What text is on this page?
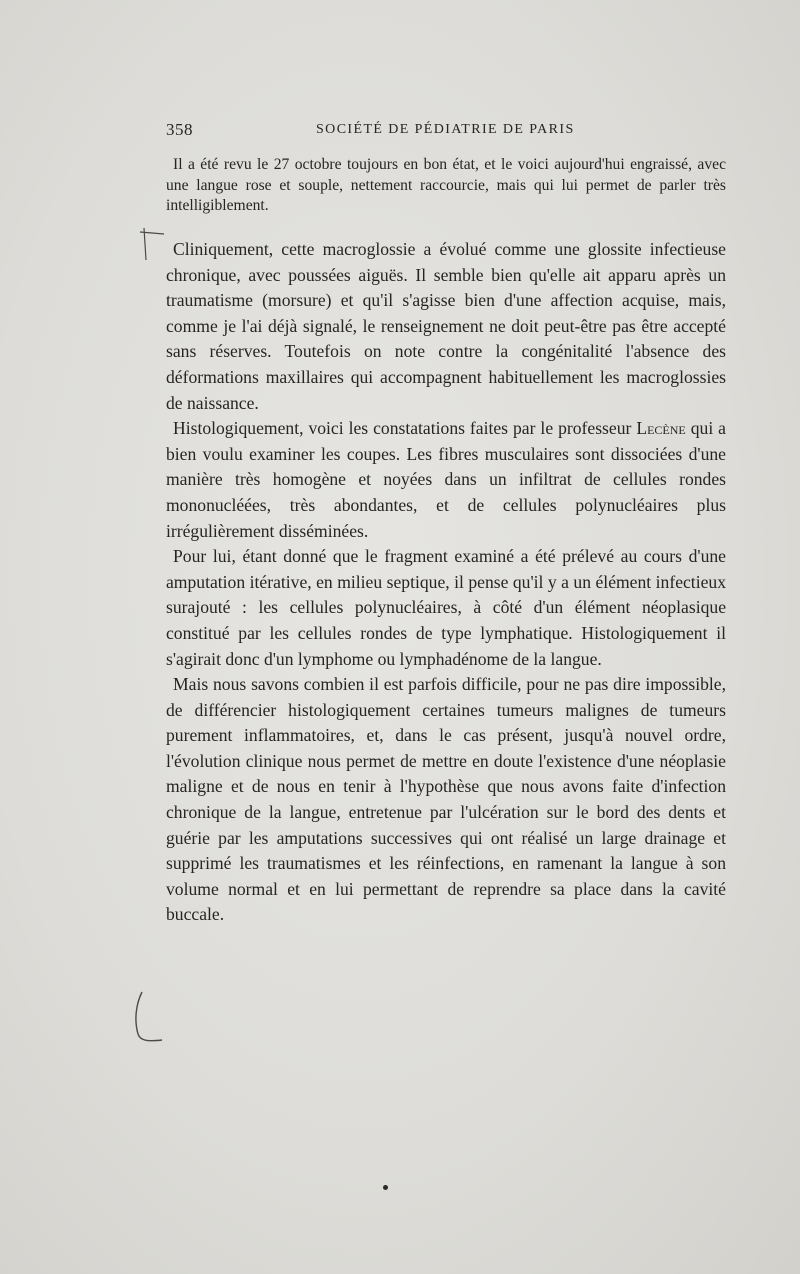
358	SOCIÉTÉ DE PÉDIATRIE DE PARIS

Il a été revu le 27 octobre toujours en bon état, et le voici aujourd'hui engraissé, avec une langue rose et souple, nettement raccourcie, mais qui lui permet de parler très intelligiblement.

Cliniquement, cette macroglossie a évolué comme une glossite infectieuse chronique, avec poussées aiguës. Il semble bien qu'elle ait apparu après un traumatisme (morsure) et qu'il s'agisse bien d'une affection acquise, mais, comme je l'ai déjà signalé, le renseignement ne doit peut-être pas être accepté sans réserves. Toutefois on note contre la congénitalité l'absence des déformations maxillaires qui accompagnent habituellement les macroglossies de naissance.

Histologiquement, voici les constatations faites par le professeur Lecène qui a bien voulu examiner les coupes. Les fibres musculaires sont dissociées d'une manière très homogène et noyées dans un infiltrat de cellules rondes mononucléées, très abondantes, et de cellules polynucléaires plus irrégulièrement disséminées.

Pour lui, étant donné que le fragment examiné a été prélevé au cours d'une amputation itérative, en milieu septique, il pense qu'il y a un élément infectieux surajouté : les cellules polynucléaires, à côté d'un élément néoplasique constitué par les cellules rondes de type lymphatique. Histologiquement il s'agirait donc d'un lymphome ou lymphadénome de la langue.

Mais nous savons combien il est parfois difficile, pour ne pas dire impossible, de différencier histologiquement certaines tumeurs malignes de tumeurs purement inflammatoires, et, dans le cas présent, jusqu'à nouvel ordre, l'évolution clinique nous permet de mettre en doute l'existence d'une néoplasie maligne et de nous en tenir à l'hypothèse que nous avons faite d'infection chronique de la langue, entretenue par l'ulcération sur le bord des dents et guérie par les amputations successives qui ont réalisé un large drainage et supprimé les traumatismes et les réinfections, en ramenant la langue à son volume normal et en lui permettant de reprendre sa place dans la cavité buccale.
